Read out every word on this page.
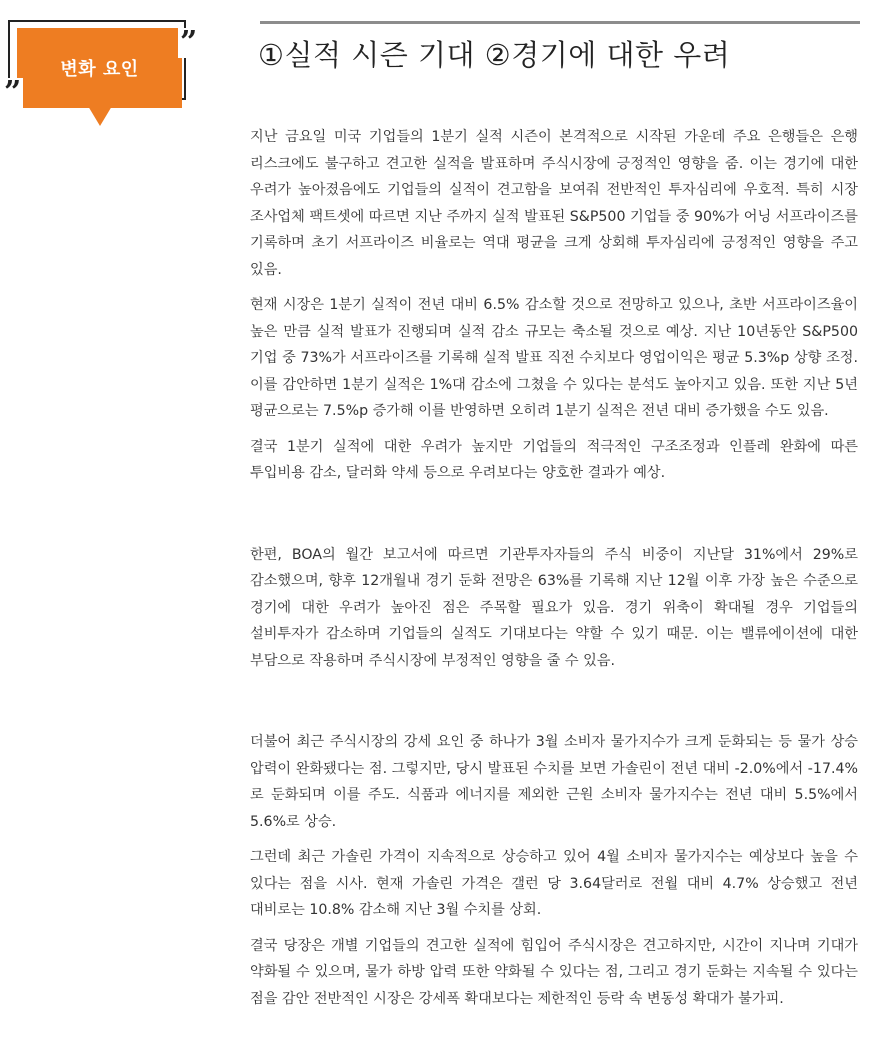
변화 요인
”
”
①실적 시즌 기대 ②경기에 대한 우려

지난 금요일 미국 기업들의 1분기 실적 시즌이 본격적으로 시작된 가운데 주요 은행들은 은행 리스크에도 불구하고 견고한 실적을 발표하며 주식시장에 긍정적인 영향을 줌. 이는 경기에 대한 우려가 높아졌음에도 기업들의 실적이 견고함을 보여줘 전반적인 투자심리에 우호적. 특히 시장 조사업체 팩트셋에 따르면 지난 주까지 실적 발표된 S&P500 기업들 중 90%가 어닝 서프라이즈를 기록하며 초기 서프라이즈 비율로는 역대 평균을 크게 상회해 투자심리에 긍정적인 영향을 주고 있음.

현재 시장은 1분기 실적이 전년 대비 6.5% 감소할 것으로 전망하고 있으나, 초반 서프라이즈율이 높은 만큼 실적 발표가 진행되며 실적 감소 규모는 축소될 것으로 예상. 지난 10년동안 S&P500 기업 중 73%가 서프라이즈를 기록해 실적 발표 직전 수치보다 영업이익은 평균 5.3%p 상향 조정. 이를 감안하면 1분기 실적은 1%대 감소에 그쳤을 수 있다는 분석도 높아지고 있음. 또한 지난 5년 평균으로는 7.5%p 증가해 이를 반영하면 오히려 1분기 실적은 전년 대비 증가했을 수도 있음.

결국 1분기 실적에 대한 우려가 높지만 기업들의 적극적인 구조조정과 인플레 완화에 따른 투입비용 감소, 달러화 약세 등으로 우려보다는 양호한 결과가 예상.

한편, BOA의 월간 보고서에 따르면 기관투자자들의 주식 비중이 지난달 31%에서 29%로 감소했으며, 향후 12개월내 경기 둔화 전망은 63%를 기록해 지난 12월 이후 가장 높은 수준으로 경기에 대한 우려가 높아진 점은 주목할 필요가 있음. 경기 위축이 확대될 경우 기업들의 설비투자가 감소하며 기업들의 실적도 기대보다는 약할 수 있기 때문. 이는 밸류에이션에 대한 부담으로 작용하며 주식시장에 부정적인 영향을 줄 수 있음.

더불어 최근 주식시장의 강세 요인 중 하나가 3월 소비자 물가지수가 크게 둔화되는 등 물가 상승 압력이 완화됐다는 점. 그렇지만, 당시 발표된 수치를 보면 가솔린이 전년 대비 -2.0%에서 -17.4%로 둔화되며 이를 주도. 식품과 에너지를 제외한 근원 소비자 물가지수는 전년 대비 5.5%에서 5.6%로 상승.

그런데 최근 가솔린 가격이 지속적으로 상승하고 있어 4월 소비자 물가지수는 예상보다 높을 수 있다는 점을 시사. 현재 가솔린 가격은 갤런 당 3.64달러로 전월 대비 4.7% 상승했고 전년 대비로는 10.8% 감소해 지난 3월 수치를 상회.

결국 당장은 개별 기업들의 견고한 실적에 힘입어 주식시장은 견고하지만, 시간이 지나며 기대가 약화될 수 있으며, 물가 하방 압력 또한 약화될 수 있다는 점, 그리고 경기 둔화는 지속될 수 있다는 점을 감안 전반적인 시장은 강세폭 확대보다는 제한적인 등락 속 변동성 확대가 불가피.
